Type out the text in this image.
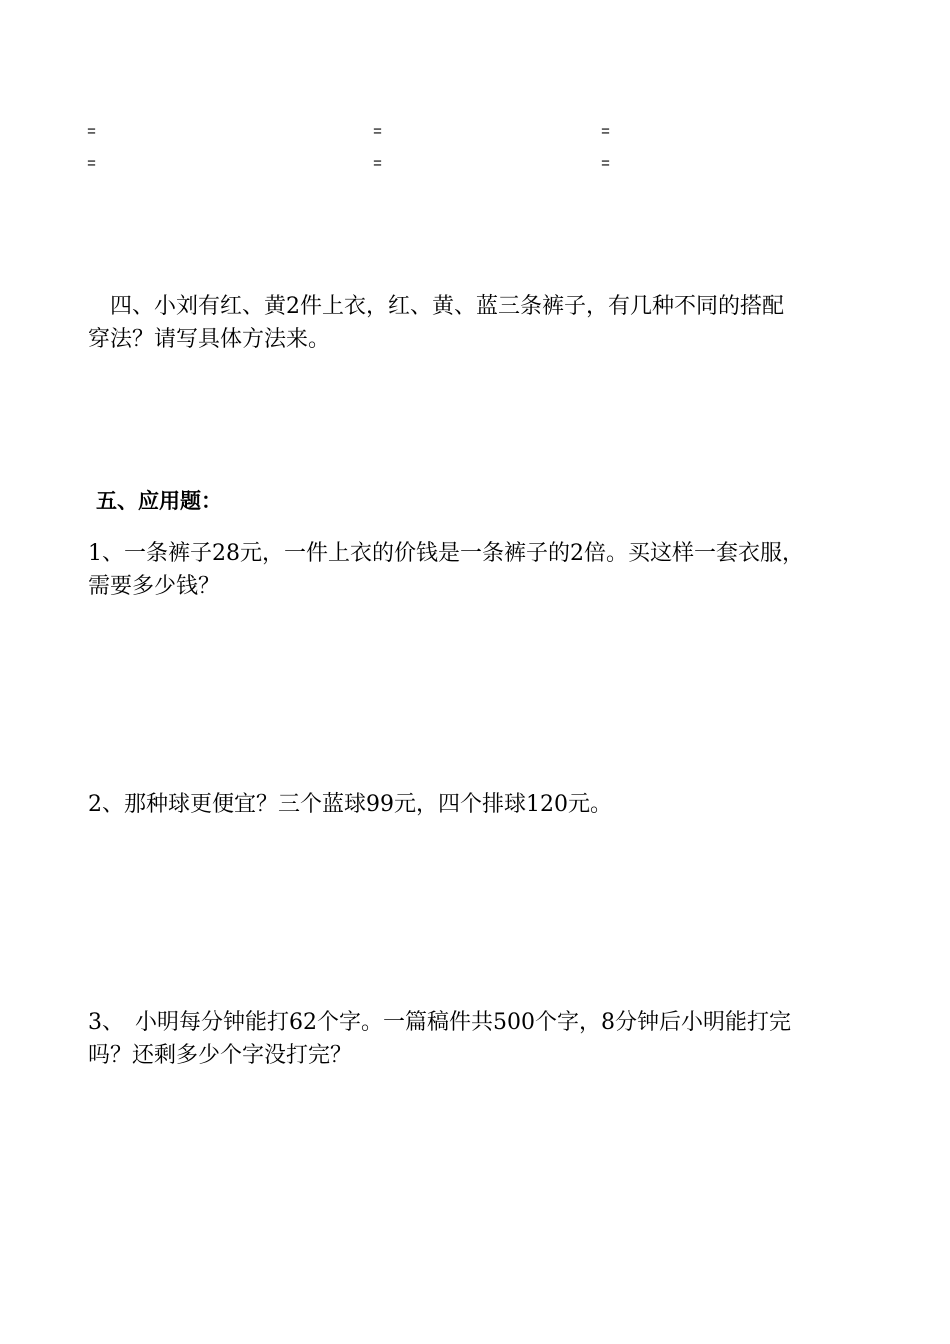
=	=	=
=	=	=
　四、小刘有红、黄2件上衣，红、黄、蓝三条裤子，有几种不同的搭配
穿法？请写具体方法来。
五、应用题：
1、一条裤子28元，一件上衣的价钱是一条裤子的2倍。买这样一套衣服，
需要多少钱？
2、那种球更便宜？三个蓝球99元，四个排球120元。
3、　小明每分钟能打62个字。一篇稿件共500个字，8分钟后小明能打完
吗？还剩多少个字没打完？
